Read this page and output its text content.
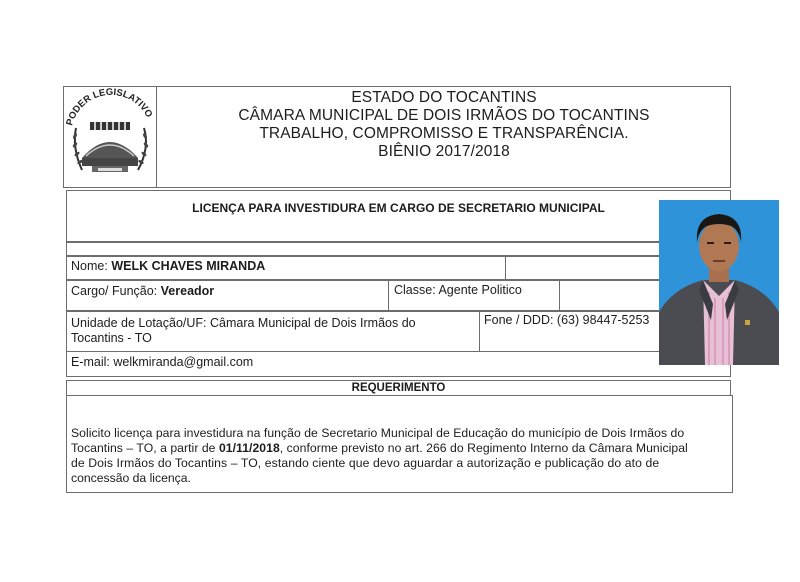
PODER LEGISLATIVO
ESTADO DO TOCANTINS
CÂMARA MUNICIPAL DE DOIS IRMÃOS DO TOCANTINS
TRABALHO, COMPROMISSO E TRANSPARÊNCIA.
BIÊNIO 2017/2018
LICENÇA PARA INVESTIDURA EM CARGO DE SECRETARIO MUNICIPAL
Nome: WELK CHAVES MIRANDA
Cargo/ Função: Vereador	Classe: Agente Politico
Unidade de Lotação/UF: Câmara Municipal de Dois Irmãos do
Tocantins - TO
Fone / DDD: (63) 98447-5253
E-mail: welkmiranda@gmail.com
REQUERIMENTO
Solicito licença para investidura na função de Secretario Municipal de Educação do município de Dois Irmãos do
Tocantins – TO, a partir de 01/11/2018, conforme previsto no art. 266 do Regimento Interno da Câmara Municipal
de Dois Irmãos do Tocantins – TO, estando ciente que devo aguardar a autorização e publicação do ato de
concessão da licença.
